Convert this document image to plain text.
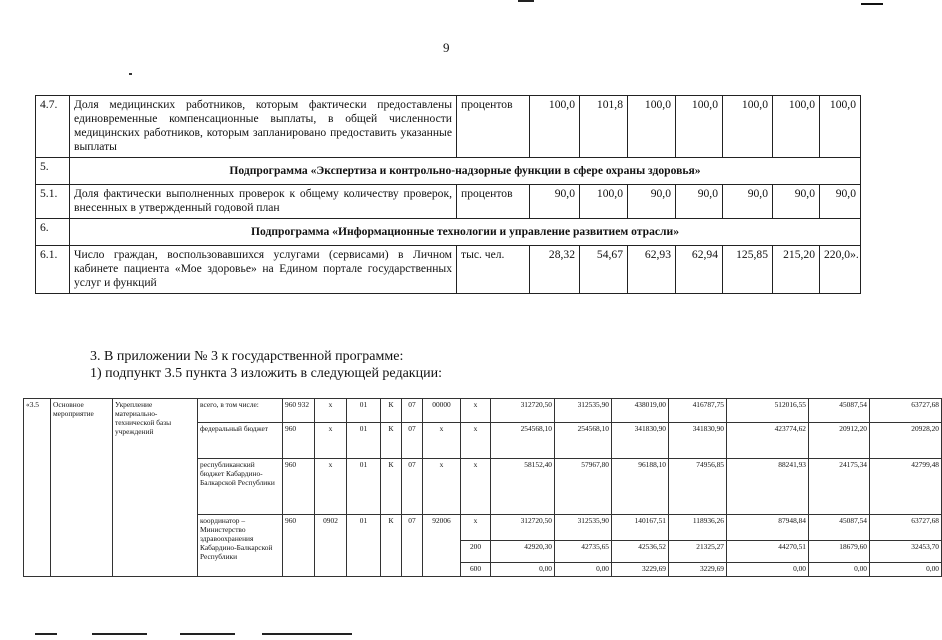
9
4.7.	Доля медицинских работников, которым фактически предоставлены единовременные компенсационные выплаты, в общей численности медицинских работников, которым запланировано предоставить указанные выплаты	процентов	100,0	101,8	100,0	100,0	100,0	100,0	100,0
5.	Подпрограмма «Экспертиза и контрольно-надзорные функции в сфере охраны здоровья»								
5.1.	Доля фактически выполненных проверок к общему количеству проверок, внесенных в утвержденный годовой план	процентов	90,0	100,0	90,0	90,0	90,0	90,0	90,0
6.	Подпрограмма «Информационные технологии и управление развитием отрасли»								
6.1.	Число граждан, воспользовавшихся услугами (сервисами) в Личном кабинете пациента «Мое здоровье» на Едином портале государственных услуг и функций	тыс. чел.	28,32	54,67	62,93	62,94	125,85	215,20	220,0».
3. В приложении № 3 к государственной программе:
1) подпункт 3.5 пункта 3 изложить в следующей редакции:
«3.5	Основное мероприятие	Укрепление материально-технической базы учреждений	всего, в том числе:	960 932	x	01	К	07	00000	x	312720,50	312535,90	438019,00	416787,75	512016,55	45087,54	63727,68
			федеральный бюджет	960	x	01	К	07	x	x	254568,10	254568,10	341830,90	341830,90	423774,62	20912,20	20928,20
			республиканский бюджет Кабардино-Балкарской Республики	960	x	01	К	07	x	x	58152,40	57967,80	96188,10	74956,85	88241,93	24175,34	42799,48
			координатор – Министерство здравоохранения Кабардино-Балкарской Республики	960	0902	01	К	07	92006	x	312720,50	312535,90	140167,51	118936,26	87948,84	45087,54	63727,68
										200	42920,30	42735,65	42536,52	21325,27	44270,51	18679,60	32453,70
										600	0,00	0,00	3229,69	3229,69	0,00	0,00	0,00
